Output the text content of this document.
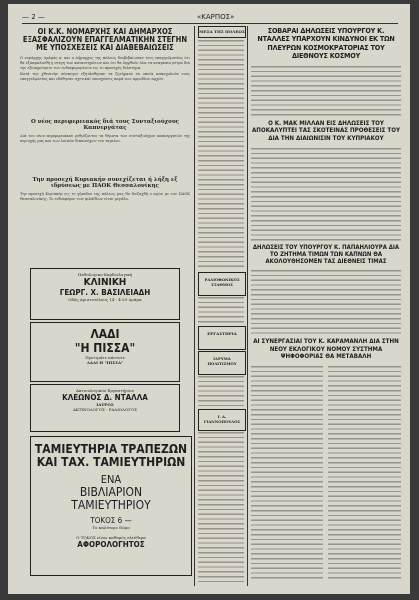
— 2 —	«ΚΑΡΠΟΣ»
ΟΙ Κ.Κ. ΝΟΜΑΡΧΗΣ ΚΑΙ ΔΗΜΑΡΧΟΣ ΕΞΑΣΦΑΛΙΖΟΥΝ ΕΠΑΓΓΕΛΜΑΤΙΚΗΝ ΣΤΕΓΗΝ ΜΕ ΥΠΟΣΧΕΣΕΙΣ ΚΑΙ ΔΙΑΒΕΒΑΙΩΣΕΙΣ

Ο νομάρχης Δράμας κ. και ο Δήμαρχος της πόλεως διαβεβαίωσαν τους επαγγελματίας ότι θα εξασφαλισθή η στέγη των καταστημάτων και ότι θα ληφθούν όλα τα αναγκαία μέτρα διά την εξυπηρέτησιν των ενδιαφερομένων εις το προσεχές διάστημα.

Κατά την χθεσινήν σύσκεψιν εξητάσθησαν τα ζητήματα τα οποία απασχολούν τους επαγγελματίας και εδόθησαν σχετικαί υποσχέσεις παρά των αρμοδίων αρχών.

Ο νέος περιφερειακός διά τους Συνταξιούχους Καπνεργάτας

Διά του νέου περιφερειακού ρυθμίζονται τα θέματα των συνταξιούχων καπνεργατών της περιοχής μας και των λοιπών δικαιούχων του ταμείου.

Την προσεχή Κυριακήν συνεχίζεται ή λήξη εξ ιδρύσεως με ΠΑΟΚ Θεσσαλονίκης

Την προσεχή Κυριακήν εις το γήπεδον της πόλεως μας θα διεξαχθή ο αγών με τον ΠΑΟΚ Θεσσαλονίκης. Το ενδιαφέρον των φιλάθλων είναι μεγάλο.

Παθολογικο-Καρδιολογική
ΚΛΙΝΙΚΗ
ΓΕΩΡΓ. Χ. ΒΑΣΙΛΕΙΑΔΗ
Οδός Αριστοτέλους 14 - 4-29 Δράμα
ΛΑΔΙ
"Η ΠΙΣΣΑ"
Προτιμάτε πάντοτε
ΛΑΔΙ Η "ΠΙΣΣΑ"
Ακτινολογικόν Εργαστήριον
ΚΛΕΩΝΟΣ Δ. ΝΤΑΛΛΑ
ΙΑΤΡΟΣ
ΑΚΤΙΝΟΛΟΓΟΣ - ΡΑΔΙΟΛΟΓΟΣ
ΤΑΜΙΕΥΤΗΡΙΑ ΤΡΑΠΕΖΩΝ
ΚΑΙ ΤΑΧ. ΤΑΜΙΕΥΤΗΡΙΩΝ
ΕΝΑ
ΒΙΒΛΙΑΡΙΟΝ
ΤΑΜΙΕΥΤΗΡΙΟΥ
ΤΟΚΟΣ 6 —
Το καλύτερο δώρο
Ο ΤΟΚΟΣ είναι καθαρός ελεύθερα
ΑΦΟΡΟΛΟΓΗΤΟΣ
ΜΕΣΑ ΤΗΣ ΠΟΛΕΩΣ
ΡΑΔΙΟΦΩΝΙΚΟΣ ΣΤΑΘΜΟΣ
ΕΡΓΑΣΤΗΡΙΑ
ΙΔΡΥΜΑ ΠΟΛΙΤΙΣΜΟΥ
Ι. Α. ΓΙΑΝΝΟΠΟΥΛΟΣ
ΣΟΒΑΡΑΙ ΔΗΛΩΣΕΙΣ ΥΠΟΥΡΓΟΥ Κ. ΝΤΑΛΛΕΣ ΥΠΑΡΧΟΥΝ ΚΙΝΔΥΝΟΙ ΕΚ ΤΩΝ ΠΛΕΥΡΩΝ ΚΟΣΜΟΚΡΑΤΟΡΙΑΣ ΤΟΥ ΔΙΕΘΝΟΥΣ ΚΟΣΜΟΥ
Ο Κ. ΜΑΚ ΜΙΛΛΑΝ ΕΙΣ ΔΗΛΩΣΕΙΣ ΤΟΥ ΑΠΟΚΑΛΥΠΤΕΙ ΤΑΣ ΣΚΟΤΕΙΝΑΣ ΠΡΟΘΕΣΕΙΣ ΤΟΥ ΔΙΑ ΤΗΝ ΔΙΑΙΩΝΙΣΙΝ ΤΟΥ ΚΥΠΡΙΑΚΟΥ
ΔΗΛΩΣΕΙΣ ΤΟΥ ΥΠΟΥΡΓΟΥ Κ. ΠΑΠΑΗΛΙΟΥΡΑ ΔΙΑ ΤΟ ΖΗΤΗΜΑ ΤΙΜΩΝ ΤΩΝ ΚΑΠΝΩΝ ΘΑ ΑΚΟΛΟΥΘΗΣΟΜΕΝ ΤΑΣ ΔΙΕΘΝΕΙΣ ΤΙΜΑΣ
ΑΙ ΣΥΝΕΡΓΑΣΙΑΙ ΤΟΥ Κ. ΚΑΡΑΜΑΝΛΗ ΔΙΑ ΣΤΗΝ ΝΕΟΥ ΕΚΛΟΓΙΚΟΥ ΝΟΜΟΥ ΣΥΣΤΗΜΑ ΨΗΦΟΦΟΡΙΑΣ ΘΑ ΜΕΤΑΒΑΛΗ
